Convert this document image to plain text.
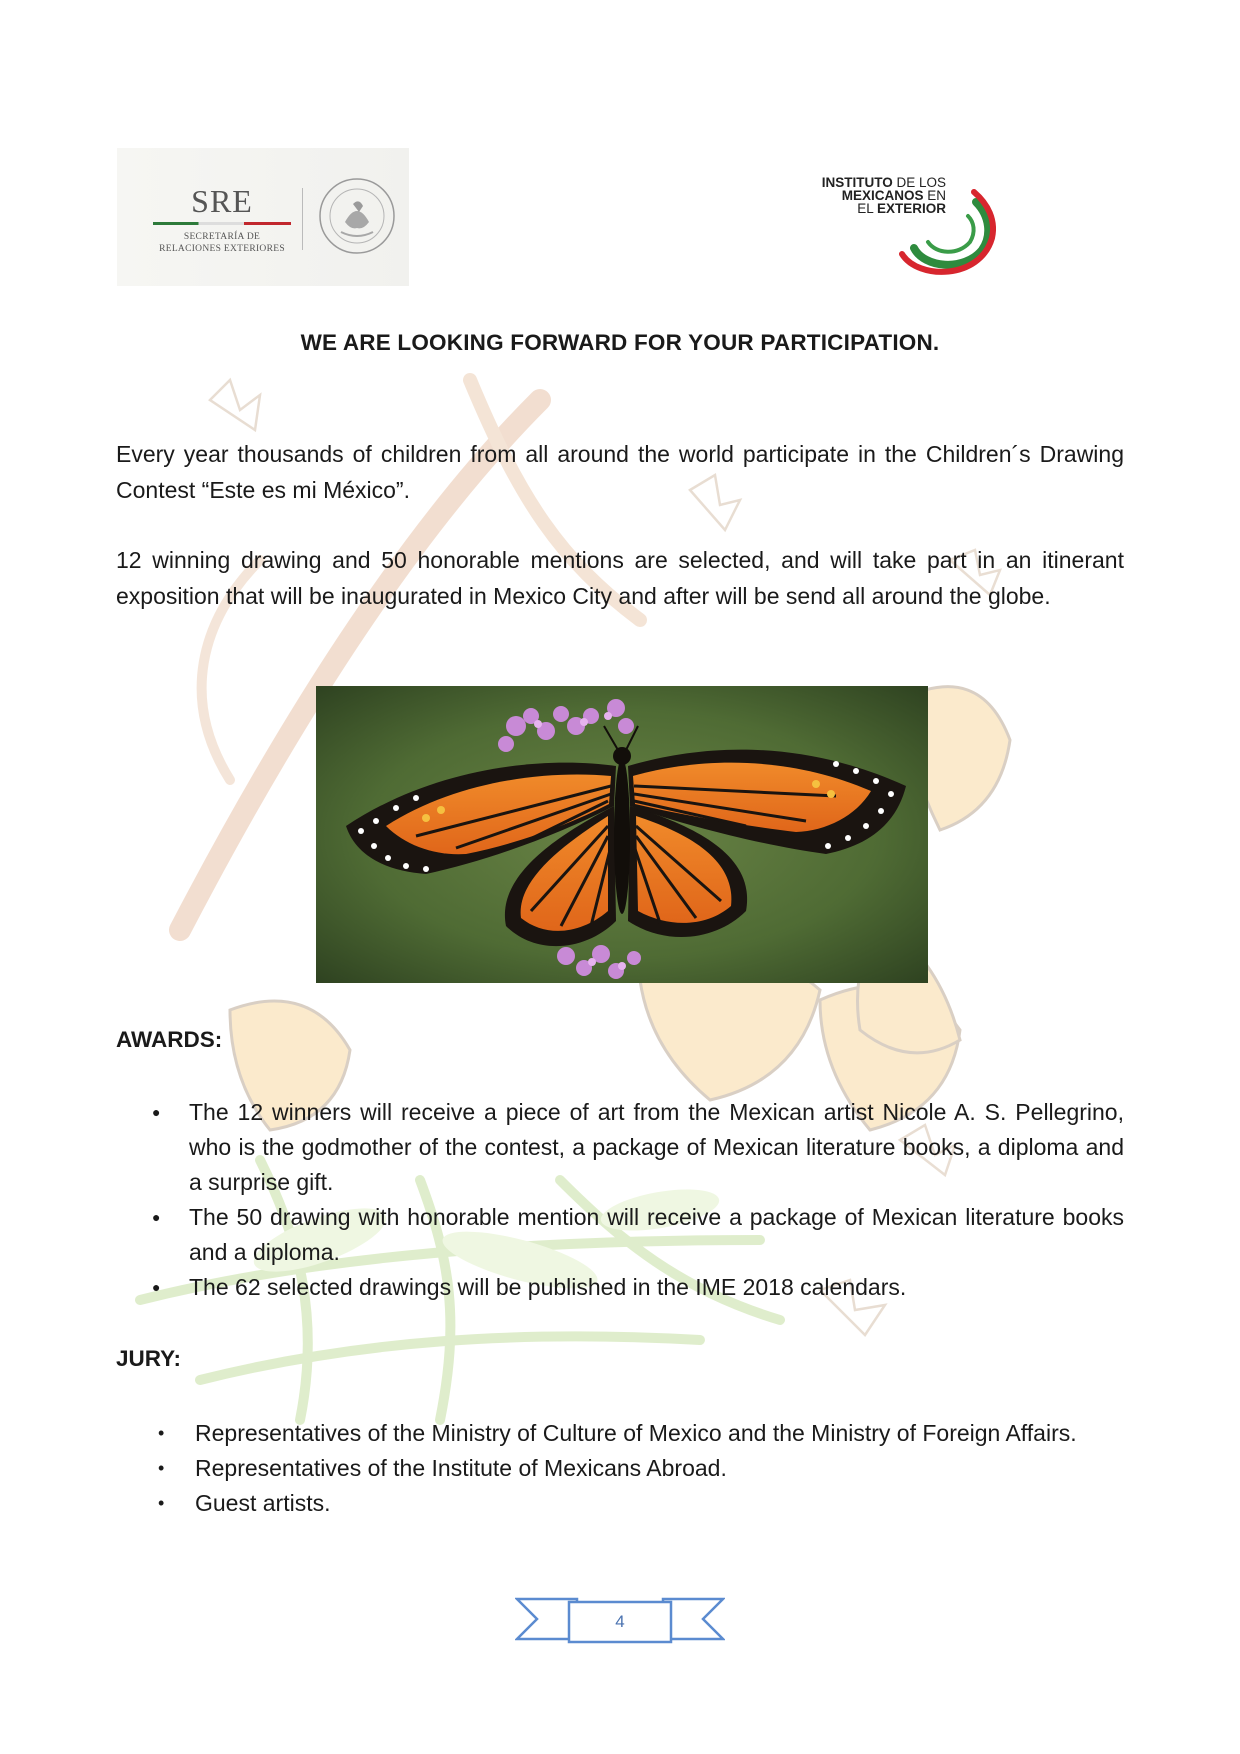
SRE
SECRETARÍA DE
RELACIONES EXTERIORES
INSTITUTO DE LOS
MEXICANOS EN
EL EXTERIOR
WE ARE LOOKING FORWARD FOR YOUR PARTICIPATION.

Every year thousands of children from all around the world participate in the Children´s Drawing Contest “Este es mi México”.

12 winning drawing and 50 honorable mentions are selected, and will take part in an itinerant exposition that will be inaugurated in Mexico City and after will be send all around the globe.

AWARDS:
● The 12 winners will receive a piece of art from the Mexican artist Nicole A. S. Pellegrino, who is the godmother of the contest, a package of Mexican literature books, a diploma and a surprise gift.
● The 50 drawing with honorable mention will receive a package of Mexican literature books and a diploma.
● The 62 selected drawings will be published in the IME 2018 calendars.
JURY:
• Representatives of the Ministry of Culture of Mexico and the Ministry of Foreign Affairs.
• Representatives of the Institute of Mexicans Abroad.
• Guest artists.
4
